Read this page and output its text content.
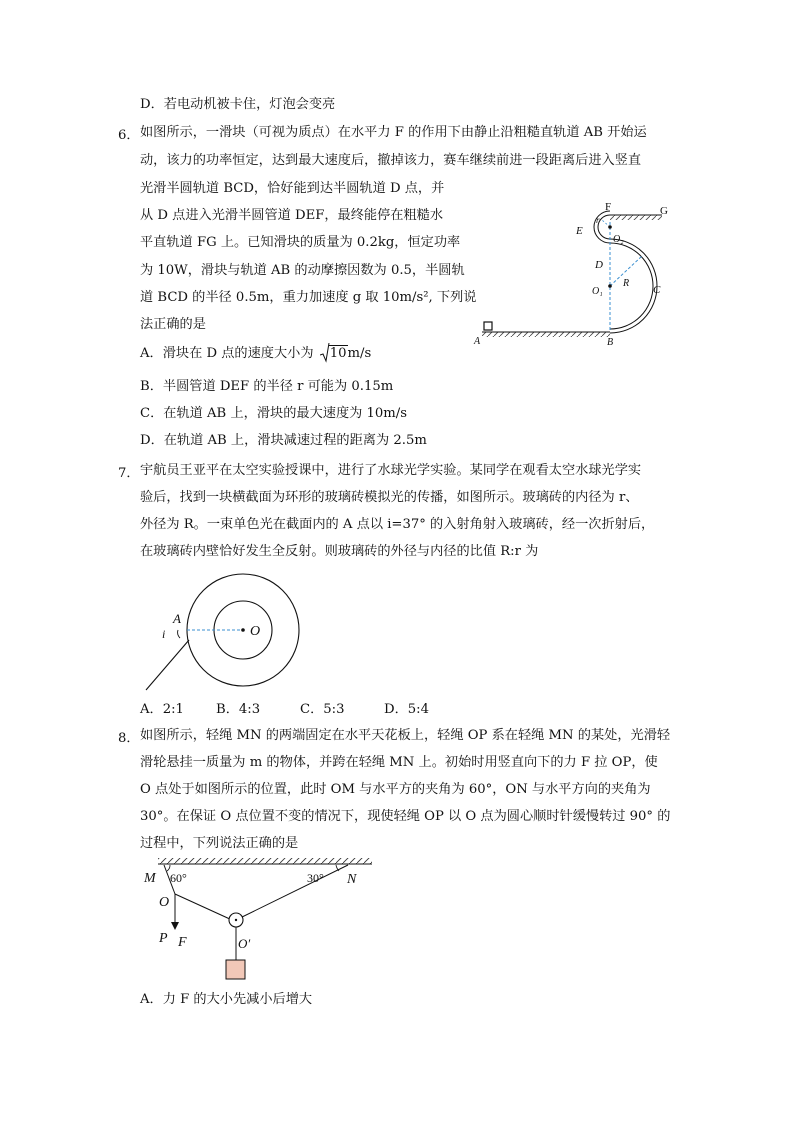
D．若电动机被卡住，灯泡会变亮
6． 如图所示，一滑块（可视为质点）在水平力 F 的作用下由静止沿粗糙直轨道 AB 开始运
动，该力的功率恒定，达到最大速度后，撤掉该力，赛车继续前进一段距离后进入竖直
光滑半圆轨道 BCD，恰好能到达半圆轨道 D 点，并
从 D 点进入光滑半圆管道 DEF，最终能停在粗糙水
平直轨道 FG 上。已知滑块的质量为 0.2kg，恒定功率
为 10W，滑块与轨道 AB 的动摩擦因数为 0.5，半圆轨
道 BCD 的半径 0.5m，重力加速度 g 取 10m/s², 下列说
法正确的是
A．滑块在 D 点的速度大小为 10m/s
B．半圆管道 DEF 的半径 r 可能为 0.15m
C．在轨道 AB 上，滑块的最大速度为 10m/s
D．在轨道 AB 上，滑块减速过程的距离为 2.5m
F	G
E
r
O₂
D
O₁
R
C
A	B
7． 宇航员王亚平在太空实验授课中，进行了水球光学实验。某同学在观看太空水球光学实
验后，找到一块横截面为环形的玻璃砖模拟光的传播，如图所示。玻璃砖的内径为 r、
外径为 R。一束单色光在截面内的 A 点以 i=37° 的入射角射入玻璃砖，经一次折射后，
在玻璃砖内壁恰好发生全反射。则玻璃砖的外径与内径的比值 R:r 为
A
O
i
A．2:1 B．4:3	C．5:3	D．5:4
8． 如图所示，轻绳 MN 的两端固定在水平天花板上，轻绳 OP 系在轻绳 MN 的某处，光滑轻
滑轮悬挂一质量为 m 的物体，并跨在轻绳 MN 上。初始时用竖直向下的力 F 拉 OP，使
O 点处于如图所示的位置，此时 OM 与水平方的夹角为 60°，ON 与水平方向的夹角为
30°。在保证 O 点位置不变的情况下，现使轻绳 OP 以 O 点为圆心顺时针缓慢转过 90° 的
过程中，下列说法正确的是
M 60°	30° N
O
P F	O′
A．力 F 的大小先减小后增大
